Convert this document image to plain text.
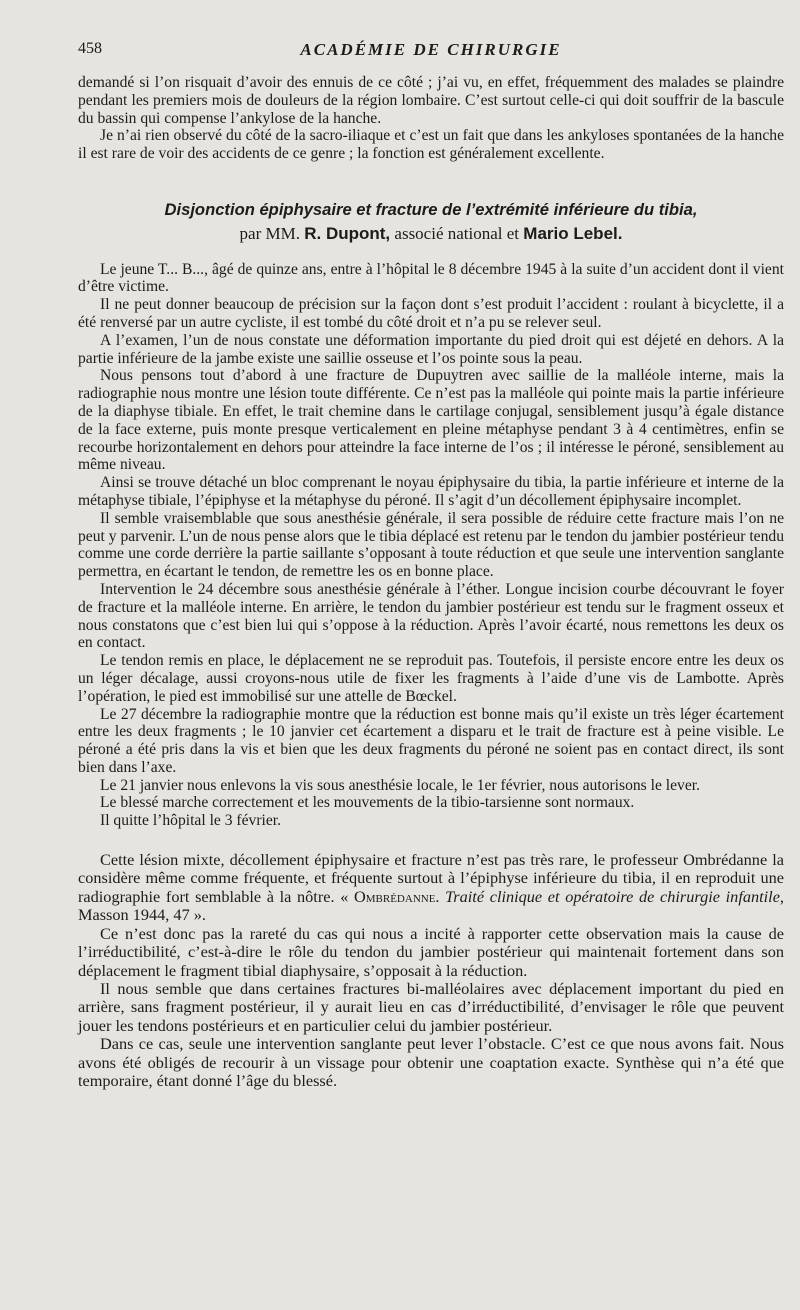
458	ACADÉMIE DE CHIRURGIE

demandé si l’on risquait d’avoir des ennuis de ce côté ; j’ai vu, en effet, fréquemment des malades se plaindre pendant les premiers mois de douleurs de la région lombaire. C’est surtout celle-ci qui doit souffrir de la bascule du bassin qui compense l’ankylose de la hanche.

Je n’ai rien observé du côté de la sacro-iliaque et c’est un fait que dans les ankyloses spontanées de la hanche il est rare de voir des accidents de ce genre ; la fonction est généralement excellente.

Disjonction épiphysaire et fracture de l’extrémité inférieure du tibia,
par MM. R. Dupont, associé national et Mario Lebel.

Le jeune T... B..., âgé de quinze ans, entre à l’hôpital le 8 décembre 1945 à la suite d’un accident dont il vient d’être victime.

Il ne peut donner beaucoup de précision sur la façon dont s’est produit l’accident : roulant à bicyclette, il a été renversé par un autre cycliste, il est tombé du côté droit et n’a pu se relever seul.

A l’examen, l’un de nous constate une déformation importante du pied droit qui est déjeté en dehors. A la partie inférieure de la jambe existe une saillie osseuse et l’os pointe sous la peau.

Nous pensons tout d’abord à une fracture de Dupuytren avec saillie de la malléole interne, mais la radiographie nous montre une lésion toute différente. Ce n’est pas la malléole qui pointe mais la partie inférieure de la diaphyse tibiale. En effet, le trait chemine dans le cartilage conjugal, sensiblement jusqu’à égale distance de la face externe, puis monte presque verticalement en pleine métaphyse pendant 3 à 4 centimètres, enfin se recourbe horizontalement en dehors pour atteindre la face interne de l’os ; il intéresse le péroné, sensiblement au même niveau.

Ainsi se trouve détaché un bloc comprenant le noyau épiphysaire du tibia, la partie inférieure et interne de la métaphyse tibiale, l’épiphyse et la métaphyse du péroné. Il s’agit d’un décollement épiphysaire incomplet.

Il semble vraisemblable que sous anesthésie générale, il sera possible de réduire cette fracture mais l’on ne peut y parvenir. L’un de nous pense alors que le tibia déplacé est retenu par le tendon du jambier postérieur tendu comme une corde derrière la partie saillante s’opposant à toute réduction et que seule une intervention sanglante permettra, en écartant le tendon, de remettre les os en bonne place.

Intervention le 24 décembre sous anesthésie générale à l’éther. Longue incision courbe découvrant le foyer de fracture et la malléole interne. En arrière, le tendon du jambier postérieur est tendu sur le fragment osseux et nous constatons que c’est bien lui qui s’oppose à la réduction. Après l’avoir écarté, nous remettons les deux os en contact.

Le tendon remis en place, le déplacement ne se reproduit pas. Toutefois, il persiste encore entre les deux os un léger décalage, aussi croyons-nous utile de fixer les fragments à l’aide d’une vis de Lambotte. Après l’opération, le pied est immobilisé sur une attelle de Bœckel.

Le 27 décembre la radiographie montre que la réduction est bonne mais qu’il existe un très léger écartement entre les deux fragments ; le 10 janvier cet écartement a disparu et le trait de fracture est à peine visible. Le péroné a été pris dans la vis et bien que les deux fragments du péroné ne soient pas en contact direct, ils sont bien dans l’axe.

Le 21 janvier nous enlevons la vis sous anesthésie locale, le 1er février, nous autorisons le lever.

Le blessé marche correctement et les mouvements de la tibio-tarsienne sont normaux.

Il quitte l’hôpital le 3 février.

Cette lésion mixte, décollement épiphysaire et fracture n’est pas très rare, le professeur Ombrédanne la considère même comme fréquente, et fréquente surtout à l’épiphyse inférieure du tibia, il en reproduit une radiographie fort semblable à la nôtre. « Ombrédanne. Traité clinique et opératoire de chirurgie infantile, Masson 1944, 47 ».

Ce n’est donc pas la rareté du cas qui nous a incité à rapporter cette observation mais la cause de l’irréductibilité, c’est-à-dire le rôle du tendon du jambier postérieur qui maintenait fortement dans son déplacement le fragment tibial diaphysaire, s’opposait à la réduction.

Il nous semble que dans certaines fractures bi-malléolaires avec déplacement important du pied en arrière, sans fragment postérieur, il y aurait lieu en cas d’irréductibilité, d’envisager le rôle que peuvent jouer les tendons postérieurs et en particulier celui du jambier postérieur.

Dans ce cas, seule une intervention sanglante peut lever l’obstacle. C’est ce que nous avons fait. Nous avons été obligés de recourir à un vissage pour obtenir une coaptation exacte. Synthèse qui n’a été que temporaire, étant donné l’âge du blessé.
